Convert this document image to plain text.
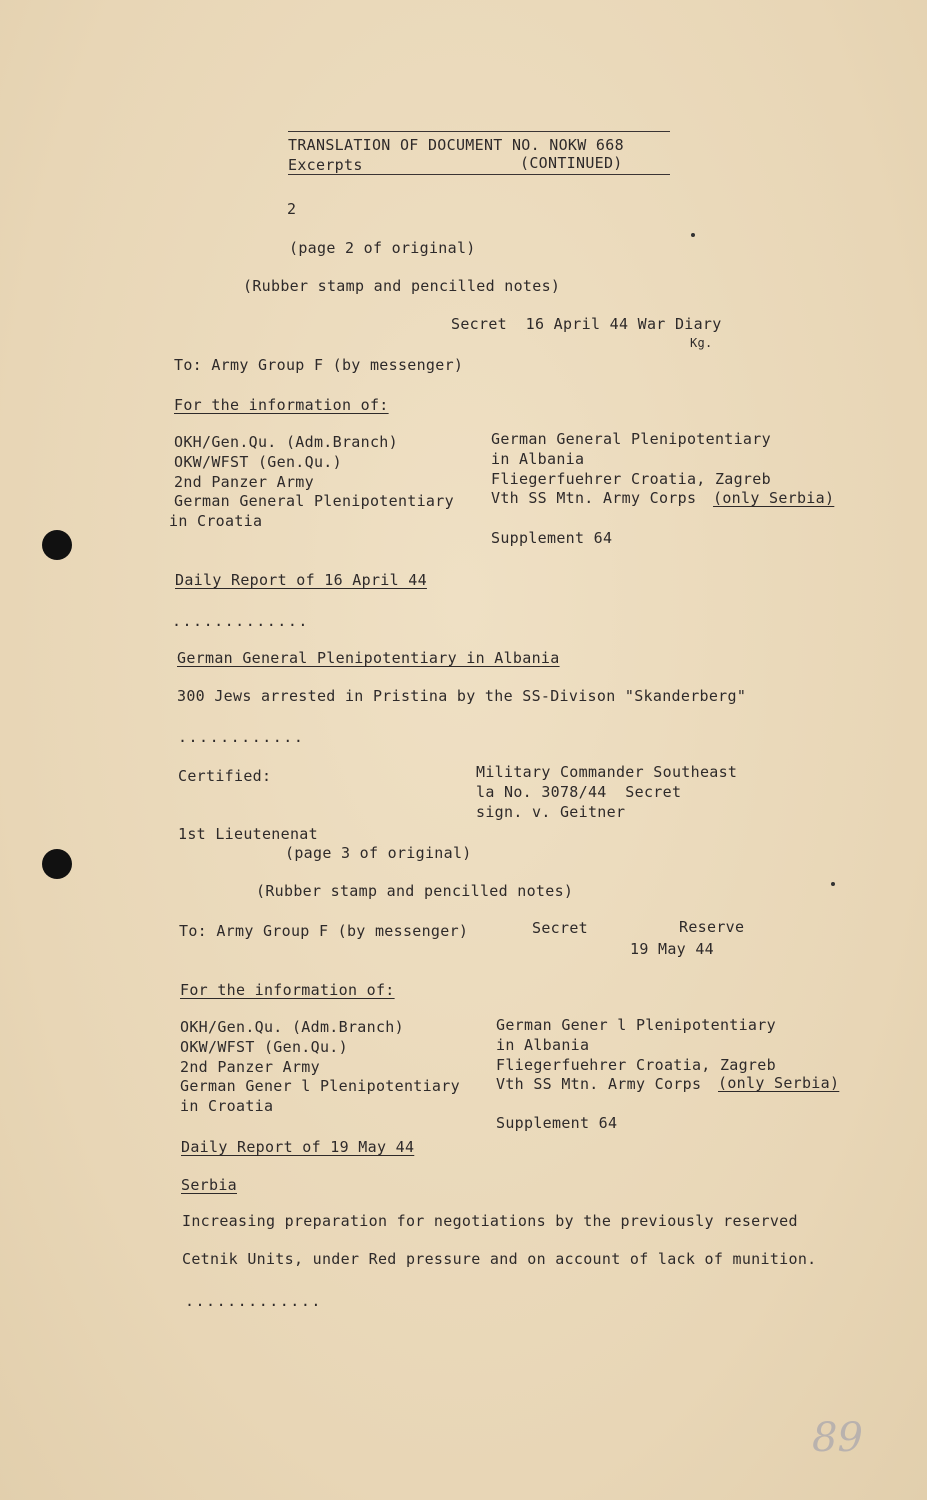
TRANSLATION OF DOCUMENT NO. NOKW 668
Excerpts	(CONTINUED)
2
(page 2 of original)
(Rubber stamp and pencilled notes)
Secret  16 April 44 War Diary
Kg.
To: Army Group F (by messenger)
For the information of:
OKH/Gen.Qu. (Adm.Branch)
OKW/WFST (Gen.Qu.)
2nd Panzer Army
German General Plenipotentiary
in Croatia
German General Plenipotentiary
in Albania
Fliegerfuehrer Croatia, Zagreb
Vth SS Mtn. Army Corps (only Serbia)
Supplement 64
Daily Report of 16 April 44
.............
German General Plenipotentiary in Albania
300 Jews arrested in Pristina by the SS-Divison "Skanderberg"
............
Certified:	Military Commander Southeast
la No. 3078/44  Secret
sign. v. Geitner
1st Lieutenenat
(page 3 of original)
(Rubber stamp and pencilled notes)
To: Army Group F (by messenger)	Secret	Reserve
19 May 44
For the information of:
OKH/Gen.Qu. (Adm.Branch)
OKW/WFST (Gen.Qu.)
2nd Panzer Army
German Gener l Plenipotentiary
in Croatia
German Gener l Plenipotentiary
in Albania
Fliegerfuehrer Croatia, Zagreb
Vth SS Mtn. Army Corps (only Serbia)
Supplement 64
Daily Report of 19 May 44
Serbia
Increasing preparation for negotiations by the previously reserved
Cetnik Units, under Red pressure and on account of lack of munition.
.............
89
